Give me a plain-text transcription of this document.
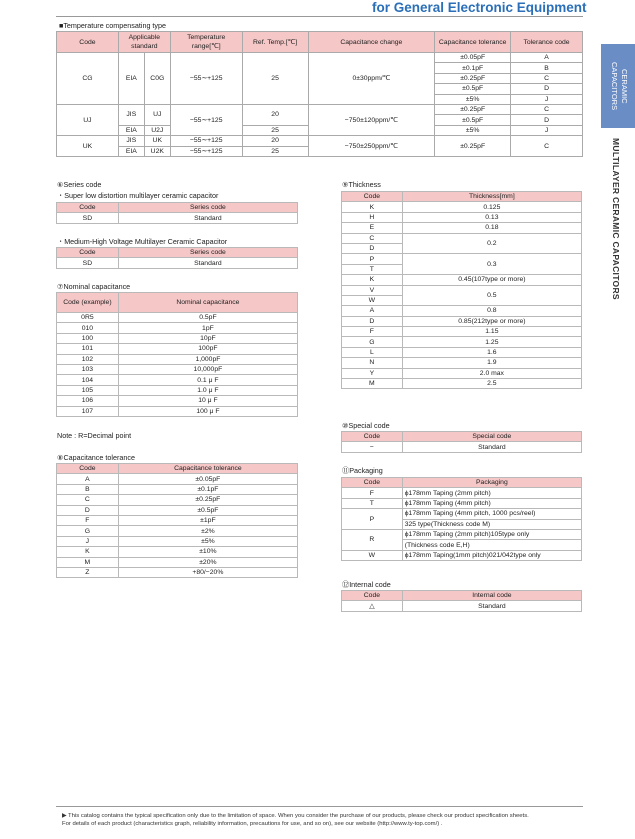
for General Electronic Equipment
CERAMIC CAPACITORS
MULTILAYER CERAMIC CAPACITORS
■Temperature compensating type
Code	Applicable standard		Temperature range[℃]	Ref. Temp.[℃]	Capacitance change	Capacitance tolerance	Tolerance code
CG	EIA	C0G	−55∼+125	25	0±30ppm/℃	±0.05pF	A
						±0.1pF	B
						±0.25pF	C
						±0.5pF	D
						±5%	J
UJ	JIS	UJ	−55∼+125	20	−750±120ppm/℃	±0.25pF	C
						±0.5pF	D
						±5%	J
	EIA	U2J		25			
UK	JIS	UK	−55∼+125	20	−750±250ppm/℃	±0.25pF	C
	EIA	U2K	−55∼+125	25			
⑥Series code
・Super low distortion multilayer ceramic capacitor
Code	Series code
SD	Standard
・Medium-High Voltage Multilayer Ceramic Capacitor
Code	Series code
SD	Standard
⑦Nominal capacitance
Code (example)	Nominal capacitance
0R5	0.5pF
010	1pF
100	10pF
101	100pF
102	1,000pF
103	10,000pF
104	0.1 μ F
105	1.0 μ F
106	10 μ F
107	100 μ F
Note : R=Decimal point
⑧Capacitance tolerance
Code	Capacitance tolerance
A	±0.05pF
B	±0.1pF
C	±0.25pF
D	±0.5pF
F	±1pF
G	±2%
J	±5%
K	±10%
M	±20%
Z	+80/−20%
⑨Thickness
Code	Thickness[mm]
K	0.125
H	0.13
E	0.18
C	0.2
D	
P	0.3
T	
K	0.45(107type or more)
V	0.5
W	
A	0.8
D	0.85(212type or more)
F	1.15
G	1.25
L	1.6
N	1.9
Y	2.0 max
M	2.5
⑩Special code
Code	Special code
−	Standard
⑪Packaging
Code	Packaging
F	ϕ178mm Taping (2mm pitch)
T	ϕ178mm Taping (4mm pitch)
P	ϕ178mm Taping (4mm pitch, 1000 pcs/reel)
	325 type(Thickness code M)
R	ϕ178mm Taping (2mm pitch)105type only
	(Thickness code E,H)
W	ϕ178mm Taping(1mm pitch)021/042type only
⑫Internal code
Code	Internal code
△	Standard
▶ This catalog contains the typical specification only due to the limitation of space. When you consider the purchase of our products, please check our product specification sheets.
For details of each product (characteristics graph, reliability information, precautions for use, and so on), see our website (http://www.ty-top.com/) .
